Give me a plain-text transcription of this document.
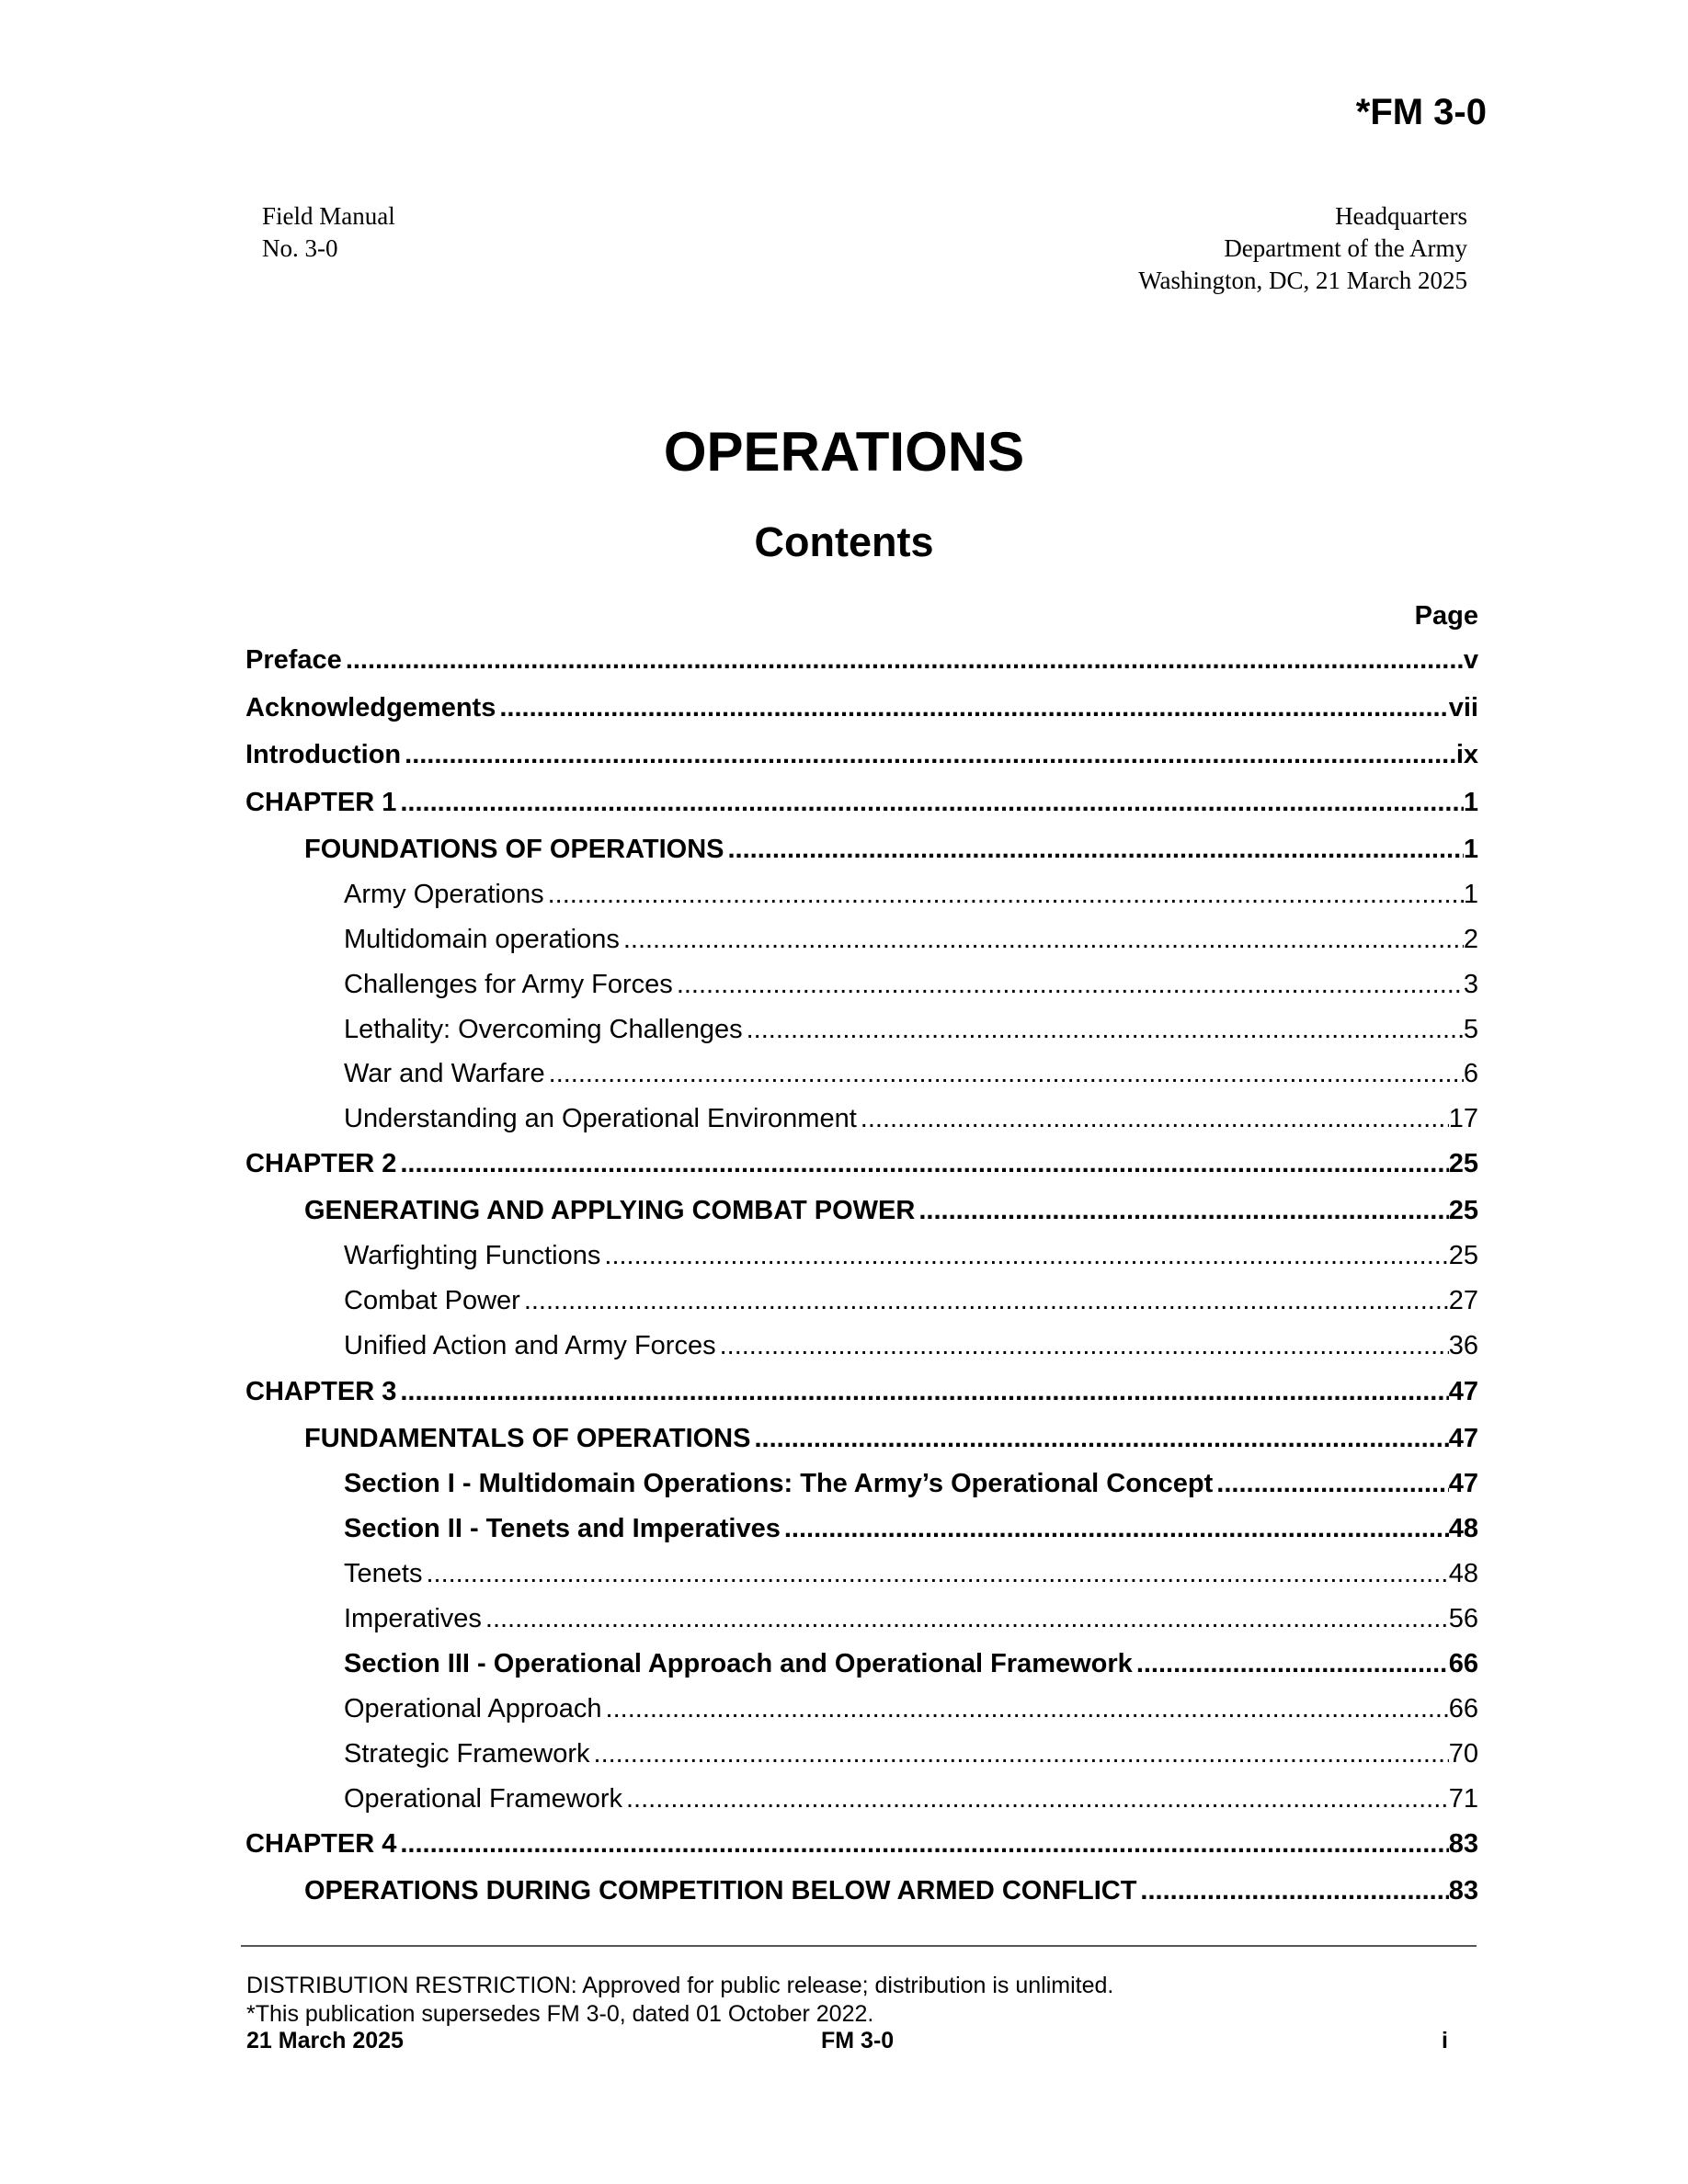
*FM 3-0
Field Manual
No. 3-0
Headquarters
Department of the Army
Washington, DC, 21 March 2025
OPERATIONS
Contents
Page
Preface .....	v
Acknowledgements .....	vii
Introduction .....	ix
CHAPTER 1 .....	1
FOUNDATIONS OF OPERATIONS .....	1
Army Operations .....	1
Multidomain operations .....	2
Challenges for Army Forces .....	3
Lethality: Overcoming Challenges .....	5
War and Warfare .....	6
Understanding an Operational Environment .....	17
CHAPTER 2 .....	25
GENERATING AND APPLYING COMBAT POWER .....	25
Warfighting Functions .....	25
Combat Power .....	27
Unified Action and Army Forces .....	36
CHAPTER 3 .....	47
FUNDAMENTALS OF OPERATIONS .....	47
Section I - Multidomain Operations: The Army’s Operational Concept .....	47
Section II - Tenets and Imperatives .....	48
Tenets .....	48
Imperatives .....	56
Section III - Operational Approach and Operational Framework .....	66
Operational Approach .....	66
Strategic Framework .....	70
Operational Framework .....	71
CHAPTER 4 .....	83
OPERATIONS DURING COMPETITION BELOW ARMED CONFLICT .....	83
DISTRIBUTION RESTRICTION: Approved for public release; distribution is unlimited.
*This publication supersedes FM 3-0, dated 01 October 2022.
21 March 2025	FM 3-0	i
